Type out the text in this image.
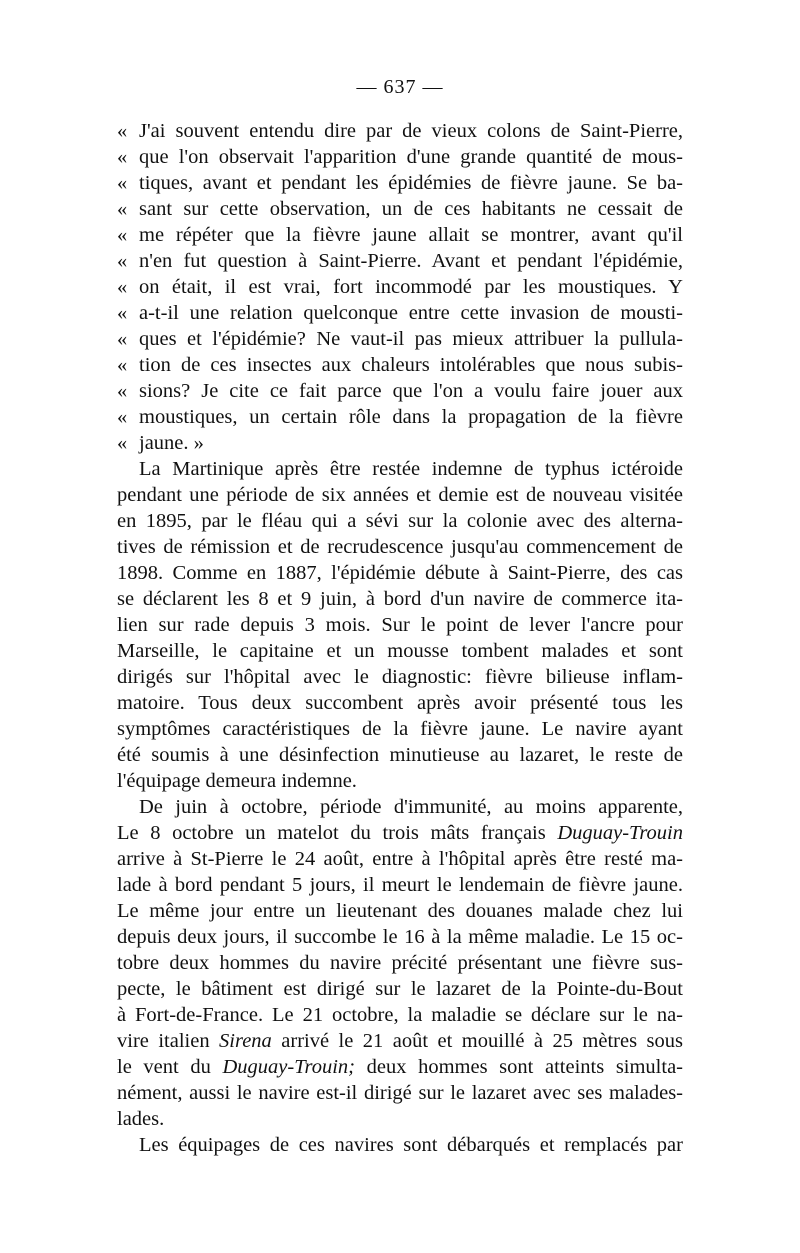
— 637 —
« J'ai souvent entendu dire par de vieux colons de Saint-Pierre,
« que l'on observait l'apparition d'une grande quantité de mous-
« tiques, avant et pendant les épidémies de fièvre jaune. Se ba-
« sant sur cette observation, un de ces habitants ne cessait de
« me répéter que la fièvre jaune allait se montrer, avant qu'il
« n'en fut question à Saint-Pierre. Avant et pendant l'épidémie,
« on était, il est vrai, fort incommodé par les moustiques. Y
« a-t-il une relation quelconque entre cette invasion de mousti-
« ques et l'épidémie? Ne vaut-il pas mieux attribuer la pullula-
« tion de ces insectes aux chaleurs intolérables que nous subis-
« sions? Je cite ce fait parce que l'on a voulu faire jouer aux
« moustiques, un certain rôle dans la propagation de la fièvre
« jaune. »
La Martinique après être restée indemne de typhus ictéroide
pendant une période de six années et demie est de nouveau visitée
en 1895, par le fléau qui a sévi sur la colonie avec des alterna-
tives de rémission et de recrudescence jusqu'au commencement de
1898. Comme en 1887, l'épidémie débute à Saint-Pierre, des cas
se déclarent les 8 et 9 juin, à bord d'un navire de commerce ita-
lien sur rade depuis 3 mois. Sur le point de lever l'ancre pour
Marseille, le capitaine et un mousse tombent malades et sont
dirigés sur l'hôpital avec le diagnostic: fièvre bilieuse inflam-
matoire. Tous deux succombent après avoir présenté tous les
symptômes caractéristiques de la fièvre jaune. Le navire ayant
été soumis à une désinfection minutieuse au lazaret, le reste de
l'équipage demeura indemne.
De juin à octobre, période d'immunité, au moins apparente,
Le 8 octobre un matelot du trois mâts français Duguay-Trouin
arrive à St-Pierre le 24 août, entre à l'hôpital après être resté ma-
lade à bord pendant 5 jours, il meurt le lendemain de fièvre jaune.
Le même jour entre un lieutenant des douanes malade chez lui
depuis deux jours, il succombe le 16 à la même maladie. Le 15 oc-
tobre deux hommes du navire précité présentant une fièvre sus-
pecte, le bâtiment est dirigé sur le lazaret de la Pointe-du-Bout
à Fort-de-France. Le 21 octobre, la maladie se déclare sur le na-
vire italien Sirena arrivé le 21 août et mouillé à 25 mètres sous
le vent du Duguay-Trouin; deux hommes sont atteints simulta-
nément, aussi le navire est-il dirigé sur le lazaret avec ses malades-
lades.
Les équipages de ces navires sont débarqués et remplacés par
